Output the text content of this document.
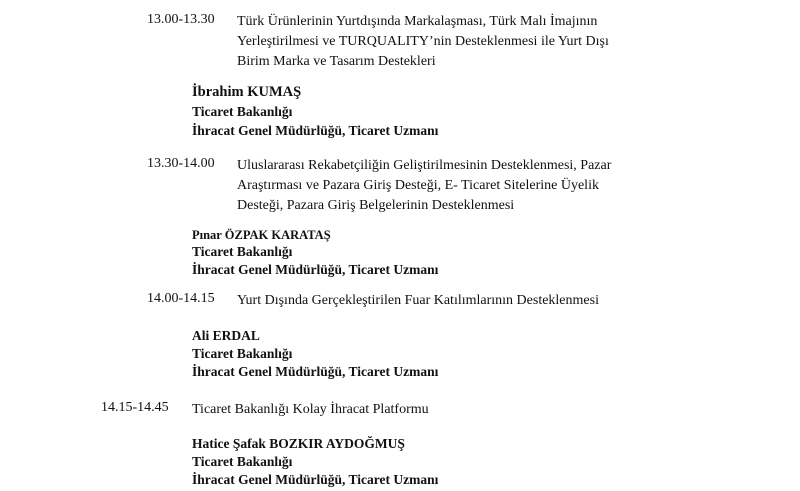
13.00-13.30 Türk Ürünlerinin Yurtdışında Markalaşması, Türk Malı İmajının
Yerleştirilmesi ve TURQUALITY’nin Desteklenmesi ile Yurt Dışı
Birim Marka ve Tasarım Destekleri
İbrahim KUMAŞ
Ticaret Bakanlığı
İhracat Genel Müdürlüğü, Ticaret Uzmanı
13.30-14.00 Uluslararası Rekabetçiliğin Geliştirilmesinin Desteklenmesi, Pazar
Araştırması ve Pazara Giriş Desteği, E- Ticaret Sitelerine Üyelik
Desteği, Pazara Giriş Belgelerinin Desteklenmesi
Pınar ÖZPAK KARATAŞ
Ticaret Bakanlığı
İhracat Genel Müdürlüğü, Ticaret Uzmanı
14.00-14.15 Yurt Dışında Gerçekleştirilen Fuar Katılımlarının Desteklenmesi
Ali ERDAL
Ticaret Bakanlığı
İhracat Genel Müdürlüğü, Ticaret Uzmanı
14.15-14.45 Ticaret Bakanlığı Kolay İhracat Platformu
Hatice Şafak BOZKIR AYDOĞMUŞ
Ticaret Bakanlığı
İhracat Genel Müdürlüğü, Ticaret Uzmanı
